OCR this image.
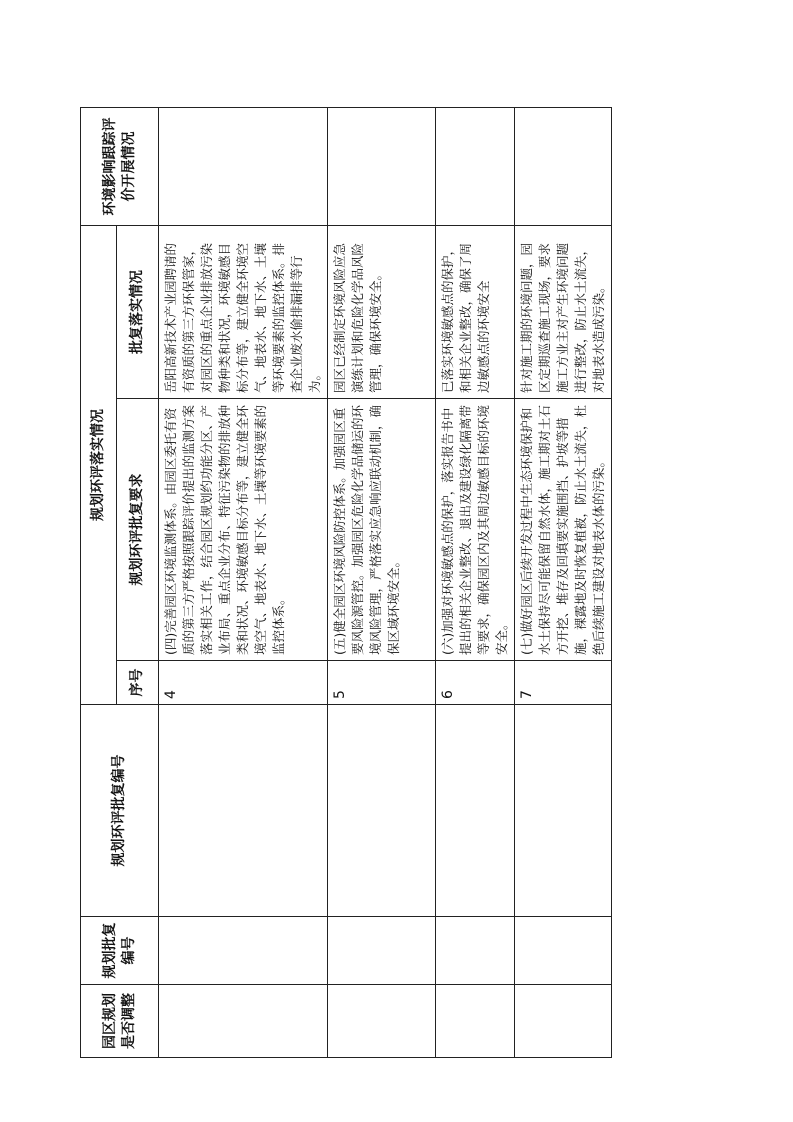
园区规划是否调整	规划批复编号	规划环评批复编号	规划环评落实情况			环境影响跟踪评价开展情况
			序号	规划环评批复要求	批复落实情况	
			4	(四)完善园区环境监测体系。由园区委托有资质的第三方严格按照跟踪评价提出的监测方案落实相关工作，结合园区规划约功能分区、产业布局、重点企业分布、特征污染物的排放种类和状况、环境敏感目标分布等，建立健全环境空气、地表水、地下水、土壤等环境要素的监控体系。	岳阳高新技术产业园聘请的有资质的第三方环保管家，对园区的重点企业排放污染物种类和状况，环境敏感目标分布等，建立健全环境空气、地表水、地下水、土壤等环境要素的监控体系。排查企业废水偷排漏排等行为。	
			5	(五)健全园区环境风险防控体系。加强园区重要风险源管控。加强园区危险化学品储运的环境风险管理，严格落实应急响应联动机制，确保区域环境安全。	园区已经制定环境风险应急演练计划和危险化学品风险管理，确保环境安全。	
			6	(六)加强对环境敏感点的保护，落实报告书中提出的相关企业整改、退出及建设绿化隔离带等要求，确保园区内及其周边敏感目标的环境安全。	已落实环境敏感点的保护，和相关企业整改，确保了周边敏感点的环境安全	
			7	(七)做好园区后续开发过程中生态环境保护和水土保持尽可能保留自然水体，施工期对土石方开挖、堆存及回填要实施围挡、护坡等措施，裸露地及时恢复植被，防止水土流失，杜绝后续施工建设对地表水体的污染。	针对施工期的环境问题，园区定期巡查施工现场，要求施工方业主对产生环境问题进行整改，防止水土流失，对地表水造成污染。	
